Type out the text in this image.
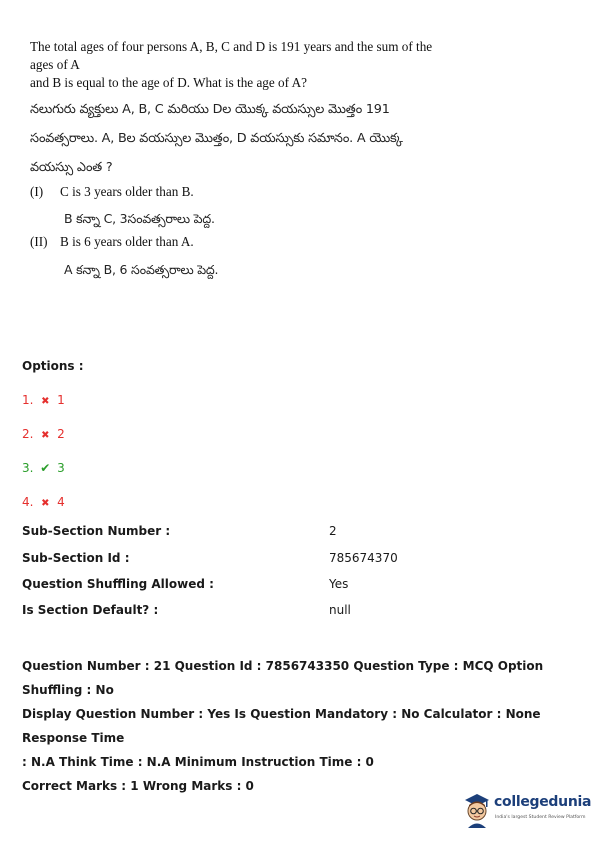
The total ages of four persons A, B, C and D is 191 years and the sum of the ages of A
and B is equal to the age of D. What is the age of A?
నలుగురు వ్యక్తులు A, B, C మరియు Dల యొక్క వయస్సుల మొత్తం 191
సంవత్సరాలు. A, Bల వయస్సుల మొత్తం, D వయస్సుకు సమానం. A యొక్క
వయస్సు ఎంత ?
(I) C is 3 years older than B.
B కన్నా C, 3సంవత్సరాలు పెద్ద.
(II) B is 6 years older than A.
A కన్నా B, 6 సంవత్సరాలు పెద్ద.
Options :
1. ✖ 1
2. ✖ 2
3. ✔ 3
4. ✖ 4
Sub-Section Number :	2
Sub-Section Id :	785674370
Question Shuffling Allowed :	Yes
Is Section Default? :	null
Question Number : 21 Question Id : 7856743350 Question Type : MCQ Option Shuffling : No
Display Question Number : Yes Is Question Mandatory : No Calculator : None Response Time
: N.A Think Time : N.A Minimum Instruction Time : 0
Correct Marks : 1 Wrong Marks : 0
collegedunia
India's largest Student Review Platform
